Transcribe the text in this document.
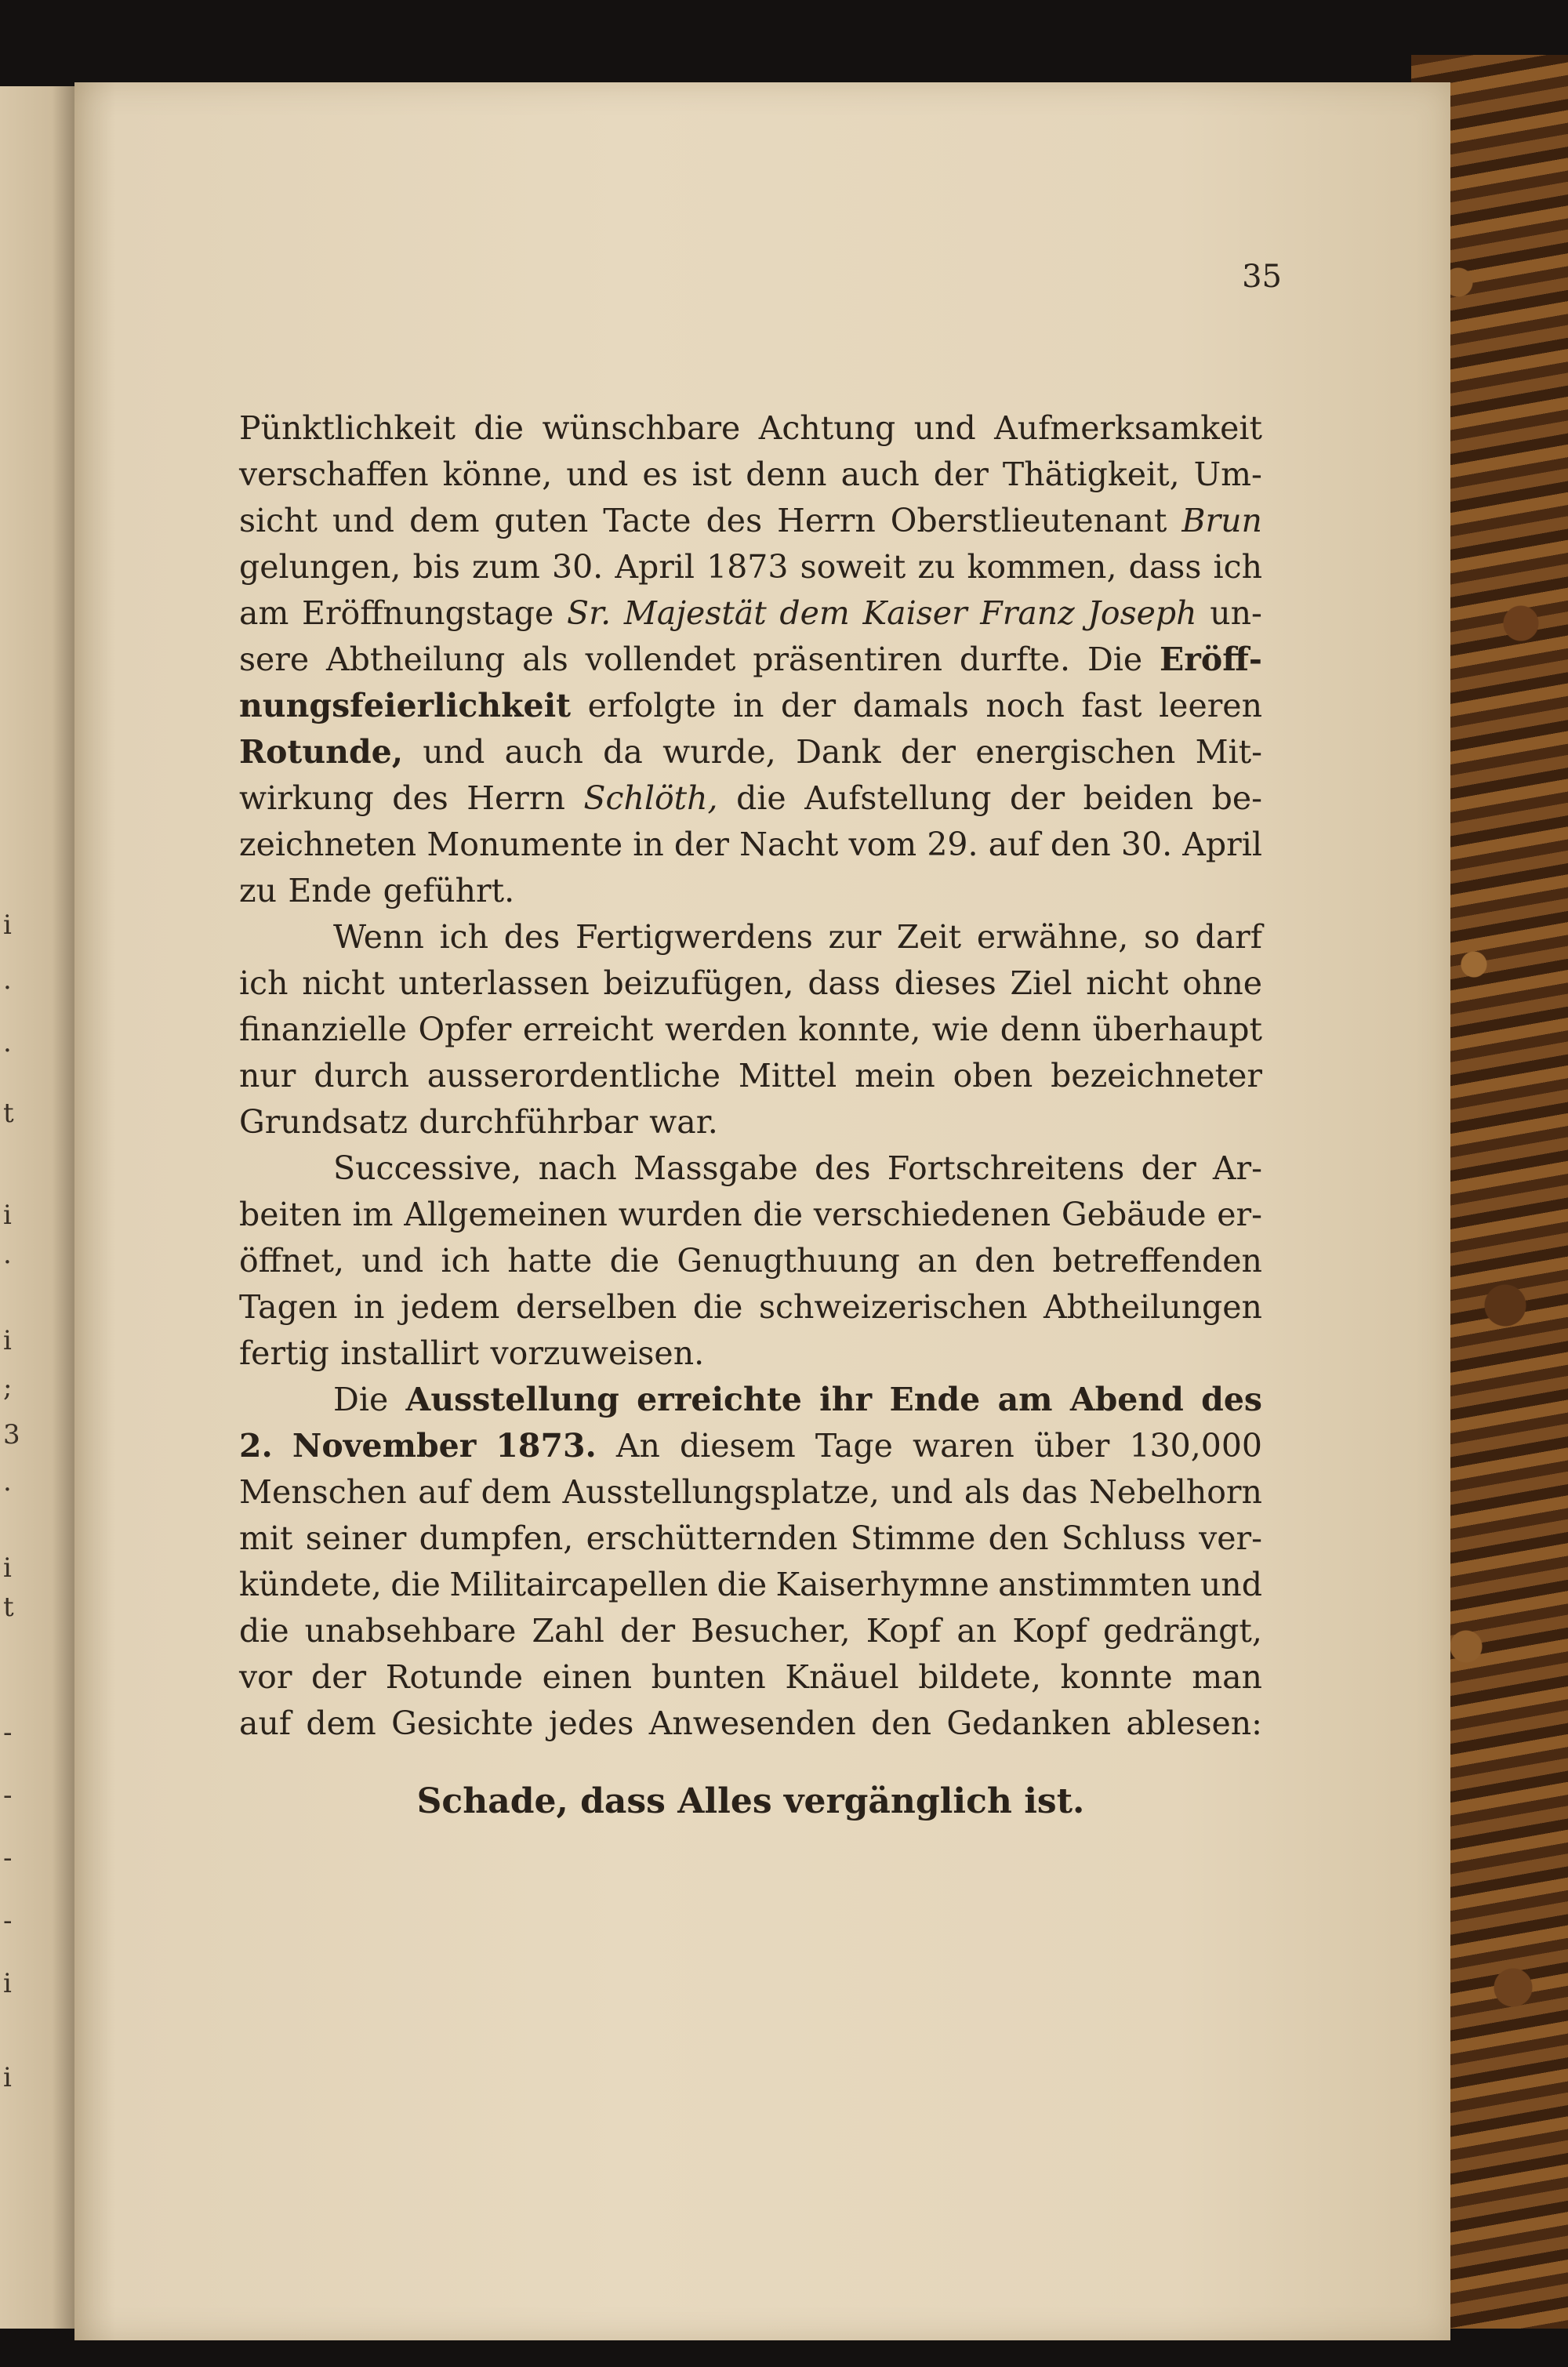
i
.
.
t
i
.
i
;
3
.
i
t
-
-
-
-
i
i
35
Pünktlichkeit die wünschbare Achtung und Aufmerksamkeit
verschaffen könne, und es ist denn auch der Thätigkeit, Um-
sicht und dem guten Tacte des Herrn Oberstlieutenant Brun
gelungen, bis zum 30. April 1873 soweit zu kommen, dass ich
am Eröffnungstage Sr. Majestät dem Kaiser Franz Joseph un-
sere Abtheilung als vollendet präsentiren durfte. Die Eröff-
nungsfeierlichkeit erfolgte in der damals noch fast leeren
Rotunde, und auch da wurde, Dank der energischen Mit-
wirkung des Herrn Schlöth, die Aufstellung der beiden be-
zeichneten Monumente in der Nacht vom 29. auf den 30. April
zu Ende geführt.
Wenn ich des Fertigwerdens zur Zeit erwähne, so darf
ich nicht unterlassen beizufügen, dass dieses Ziel nicht ohne
finanzielle Opfer erreicht werden konnte, wie denn überhaupt
nur durch ausserordentliche Mittel mein oben bezeichneter
Grundsatz durchführbar war.
Successive, nach Massgabe des Fortschreitens der Ar-
beiten im Allgemeinen wurden die verschiedenen Gebäude er-
öffnet, und ich hatte die Genugthuung an den betreffenden
Tagen in jedem derselben die schweizerischen Abtheilungen
fertig installirt vorzuweisen.
Die Ausstellung erreichte ihr Ende am Abend des
2. November 1873. An diesem Tage waren über 130,000
Menschen auf dem Ausstellungsplatze, und als das Nebelhorn
mit seiner dumpfen, erschütternden Stimme den Schluss ver-
kündete, die Militaircapellen die Kaiserhymne anstimmten und
die unabsehbare Zahl der Besucher, Kopf an Kopf gedrängt,
vor der Rotunde einen bunten Knäuel bildete, konnte man
auf dem Gesichte jedes Anwesenden den Gedanken ablesen:
Schade, dass Alles vergänglich ist.
